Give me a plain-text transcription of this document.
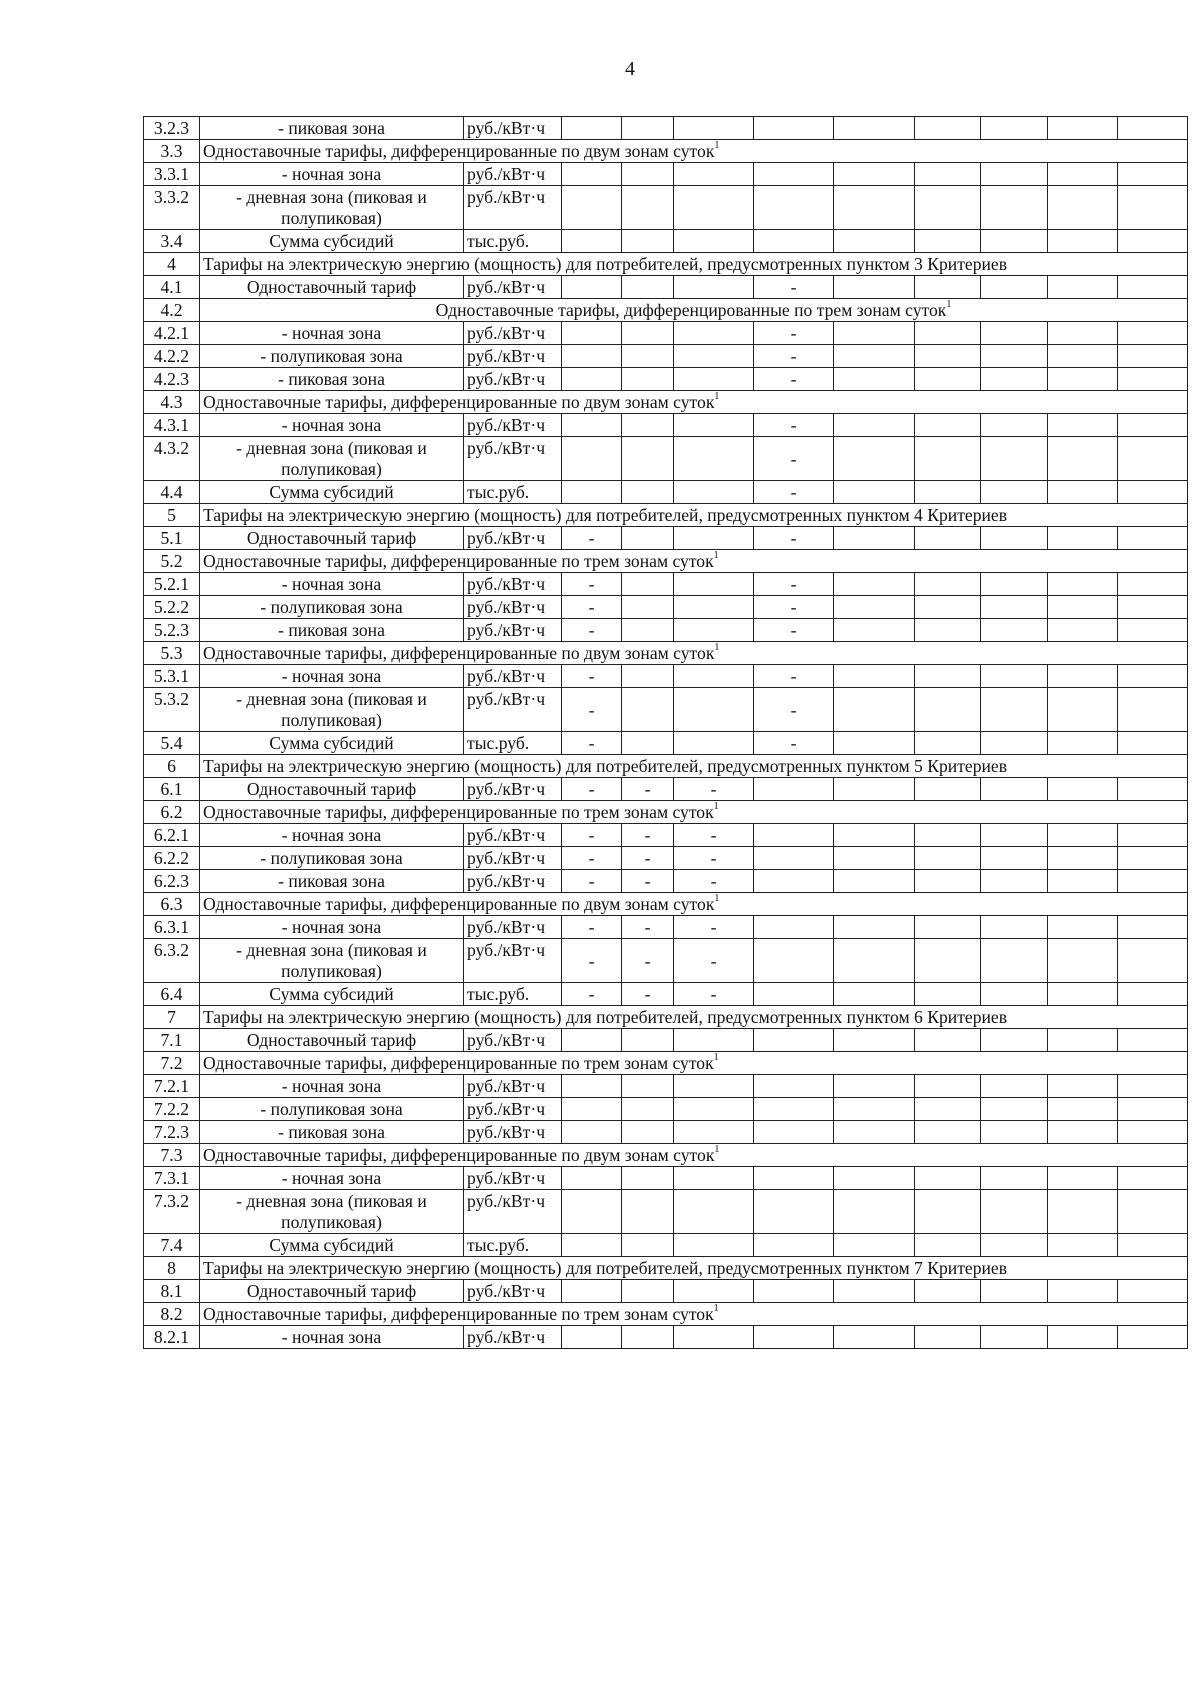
4
3.2.3	- пиковая зона	руб./кВт·ч									
3.3	Одноставочные тарифы, дифференцированные по двум зонам суток$^1$
3.3.1	- ночная зона	руб./кВт·ч									
3.3.2	- дневная зона (пиковая и полупиковая)	руб./кВт·ч									
3.4	Сумма субсидий	тыс.руб.									
4	Тарифы на электрическую энергию (мощность) для потребителей, предусмотренных пунктом 3 Критериев										
4.1	Одноставочный тариф	руб./кВт·ч				-					
4.2	Одноставочные тарифы, дифференцированные по трем зонам суток$^1$
4.2.1	- ночная зона	руб./кВт·ч				-					
4.2.2	- полупиковая зона	руб./кВт·ч				-					
4.2.3	- пиковая зона	руб./кВт·ч				-					
4.3	Одноставочные тарифы, дифференцированные по двум зонам суток$^1$
4.3.1	- ночная зона	руб./кВт·ч				-					
4.3.2	- дневная зона (пиковая и полупиковая)	руб./кВт·ч				-					
4.4	Сумма субсидий	тыс.руб.				-					
5	Тарифы на электрическую энергию (мощность) для потребителей, предусмотренных пунктом 4 Критериев										
5.1	Одноставочный тариф	руб./кВт·ч	-			-					
5.2	Одноставочные тарифы, дифференцированные по трем зонам суток$^1$
5.2.1	- ночная зона	руб./кВт·ч	-			-					
5.2.2	- полупиковая зона	руб./кВт·ч	-			-					
5.2.3	- пиковая зона	руб./кВт·ч	-			-					
5.3	Одноставочные тарифы, дифференцированные по двум зонам суток$^1$
5.3.1	- ночная зона	руб./кВт·ч	-			-					
5.3.2	- дневная зона (пиковая и полупиковая)	руб./кВт·ч	-			-					
5.4	Сумма субсидий	тыс.руб.	-			-					
6	Тарифы на электрическую энергию (мощность) для потребителей, предусмотренных пунктом 5 Критериев										
6.1	Одноставочный тариф	руб./кВт·ч	-	-	-						
6.2	Одноставочные тарифы, дифференцированные по трем зонам суток$^1$
6.2.1	- ночная зона	руб./кВт·ч	-	-	-						
6.2.2	- полупиковая зона	руб./кВт·ч	-	-	-						
6.2.3	- пиковая зона	руб./кВт·ч	-	-	-						
6.3	Одноставочные тарифы, дифференцированные по двум зонам суток$^1$
6.3.1	- ночная зона	руб./кВт·ч	-	-	-						
6.3.2	- дневная зона (пиковая и полупиковая)	руб./кВт·ч	-	-	-						
6.4	Сумма субсидий	тыс.руб.	-	-	-						
7	Тарифы на электрическую энергию (мощность) для потребителей, предусмотренных пунктом 6 Критериев										
7.1	Одноставочный тариф	руб./кВт·ч									
7.2	Одноставочные тарифы, дифференцированные по трем зонам суток$^1$
7.2.1	- ночная зона	руб./кВт·ч									
7.2.2	- полупиковая зона	руб./кВт·ч									
7.2.3	- пиковая зона	руб./кВт·ч									
7.3	Одноставочные тарифы, дифференцированные по двум зонам суток$^1$
7.3.1	- ночная зона	руб./кВт·ч									
7.3.2	- дневная зона (пиковая и полупиковая)	руб./кВт·ч									
7.4	Сумма субсидий	тыс.руб.									
8	Тарифы на электрическую энергию (мощность) для потребителей, предусмотренных пунктом 7 Критериев										
8.1	Одноставочный тариф	руб./кВт·ч									
8.2	Одноставочные тарифы, дифференцированные по трем зонам суток$^1$
8.2.1	- ночная зона	руб./кВт·ч									
